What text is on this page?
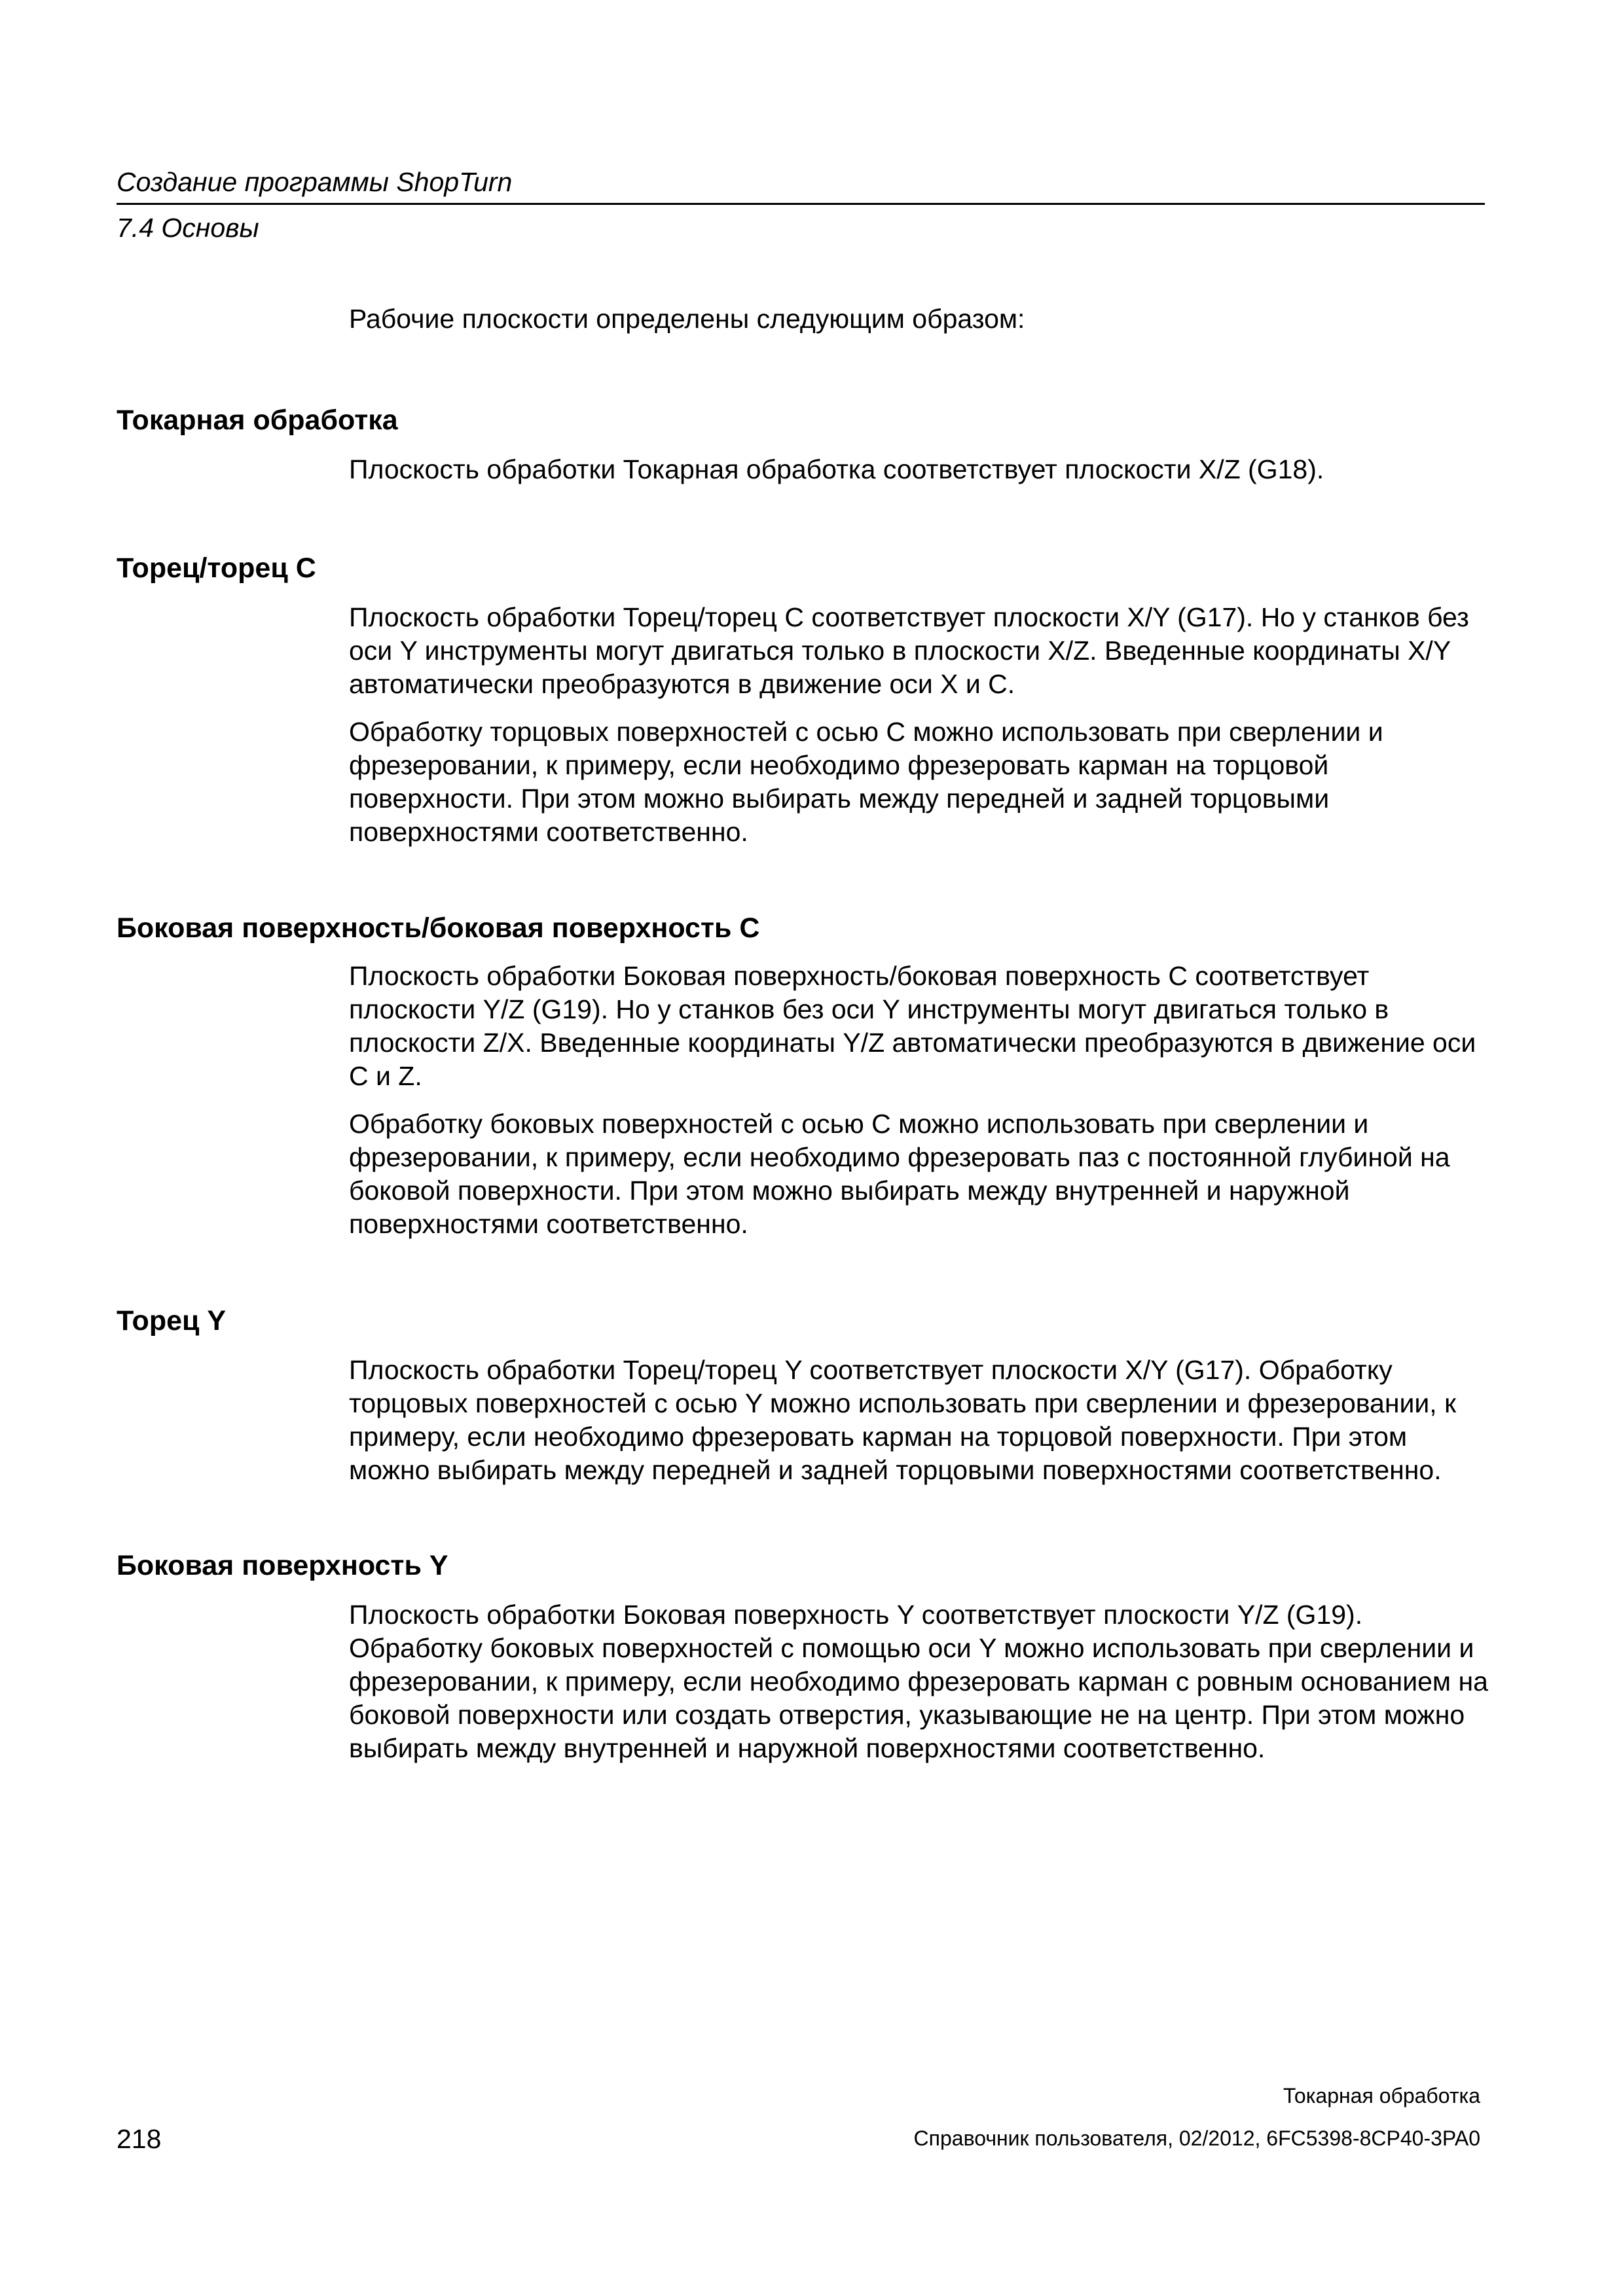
Создание программы ShopTurn
7.4 Основы

Рабочие плоскости определены следующим образом:

Токарная обработка

Плоскость обработки Токарная обработка соответствует плоскости X/Z (G18).

Торец/торец С

Плоскость обработки Торец/торец С соответствует плоскости X/Y (G17). Но у станков без оси Y инструменты могут двигаться только в плоскости X/Z. Введенные координаты X/Y автоматически преобразуются в движение оси X и C.

Обработку торцовых поверхностей с осью С можно использовать при сверлении и фрезеровании, к примеру, если необходимо фрезеровать карман на торцовой поверхности. При этом можно выбирать между передней и задней торцовыми поверхностями соответственно.

Боковая поверхность/боковая поверхность С

Плоскость обработки Боковая поверхность/боковая поверхность С соответствует плоскости Y/Z (G19). Но у станков без оси Y инструменты могут двигаться только в плоскости Z/X. Введенные координаты Y/Z автоматически преобразуются в движение оси C и Z.

Обработку боковых поверхностей с осью С можно использовать при сверлении и фрезеровании, к примеру, если необходимо фрезеровать паз с постоянной глубиной на боковой поверхности. При этом можно выбирать между внутренней и наружной поверхностями соответственно.

Торец Y

Плоскость обработки Торец/торец Y соответствует плоскости X/Y (G17). Обработку торцовых поверхностей с осью Y можно использовать при сверлении и фрезеровании, к примеру, если необходимо фрезеровать карман на торцовой поверхности. При этом можно выбирать между передней и задней торцовыми поверхностями соответственно.

Боковая поверхность Y

Плоскость обработки Боковая поверхность Y соответствует плоскости Y/Z (G19). Обработку боковых поверхностей с помощью оси Y можно использовать при сверлении и фрезеровании, к примеру, если необходимо фрезеровать карман с ровным основанием на боковой поверхности или создать отверстия, указывающие не на центр. При этом можно выбирать между внутренней и наружной поверхностями соответственно.

Токарная обработка
218	Справочник пользователя, 02/2012, 6FC5398-8CP40-3PA0
